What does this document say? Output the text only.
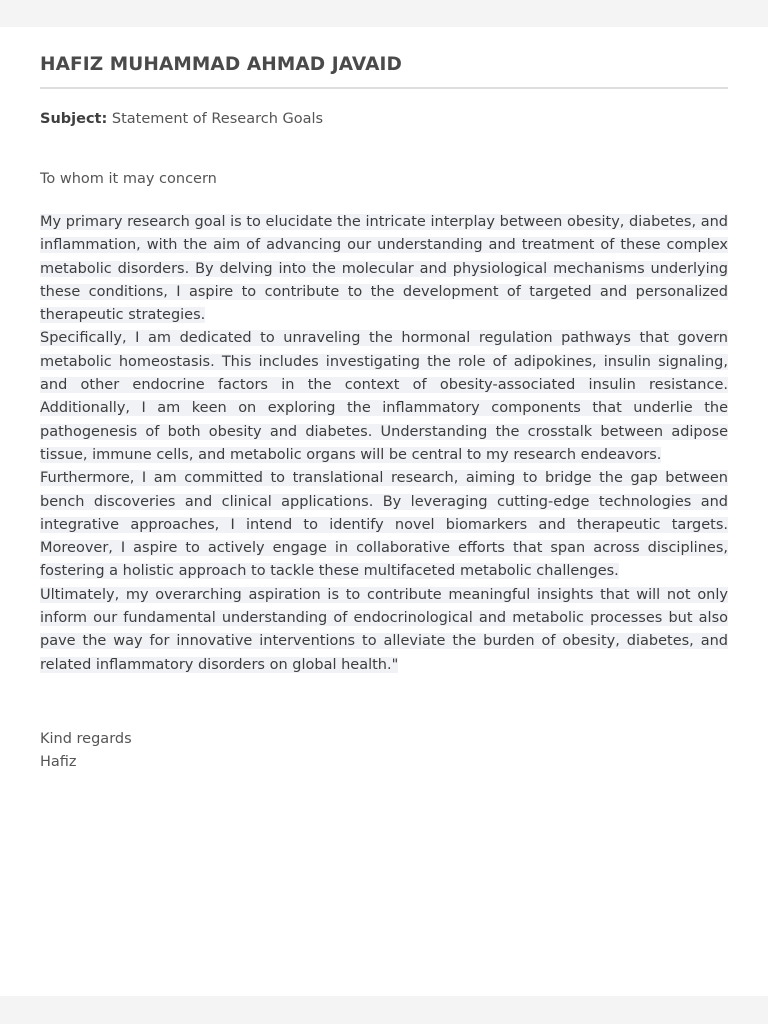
HAFIZ MUHAMMAD AHMAD JAVAID
Subject: Statement of Research Goals
To whom it may concern

My primary research goal is to elucidate the intricate interplay between obesity, diabetes, and inflammation, with the aim of advancing our understanding and treatment of these complex metabolic disorders. By delving into the molecular and physiological mechanisms underlying these conditions, I aspire to contribute to the development of targeted and personalized therapeutic strategies.

Specifically, I am dedicated to unraveling the hormonal regulation pathways that govern metabolic homeostasis. This includes investigating the role of adipokines, insulin signaling, and other endocrine factors in the context of obesity-associated insulin resistance. Additionally, I am keen on exploring the inflammatory components that underlie the pathogenesis of both obesity and diabetes. Understanding the crosstalk between adipose tissue, immune cells, and metabolic organs will be central to my research endeavors.

Furthermore, I am committed to translational research, aiming to bridge the gap between bench discoveries and clinical applications. By leveraging cutting-edge technologies and integrative approaches, I intend to identify novel biomarkers and therapeutic targets. Moreover, I aspire to actively engage in collaborative efforts that span across disciplines, fostering a holistic approach to tackle these multifaceted metabolic challenges.

Ultimately, my overarching aspiration is to contribute meaningful insights that will not only inform our fundamental understanding of endocrinological and metabolic processes but also pave the way for innovative interventions to alleviate the burden of obesity, diabetes, and related inflammatory disorders on global health."

Kind regards
Hafiz
